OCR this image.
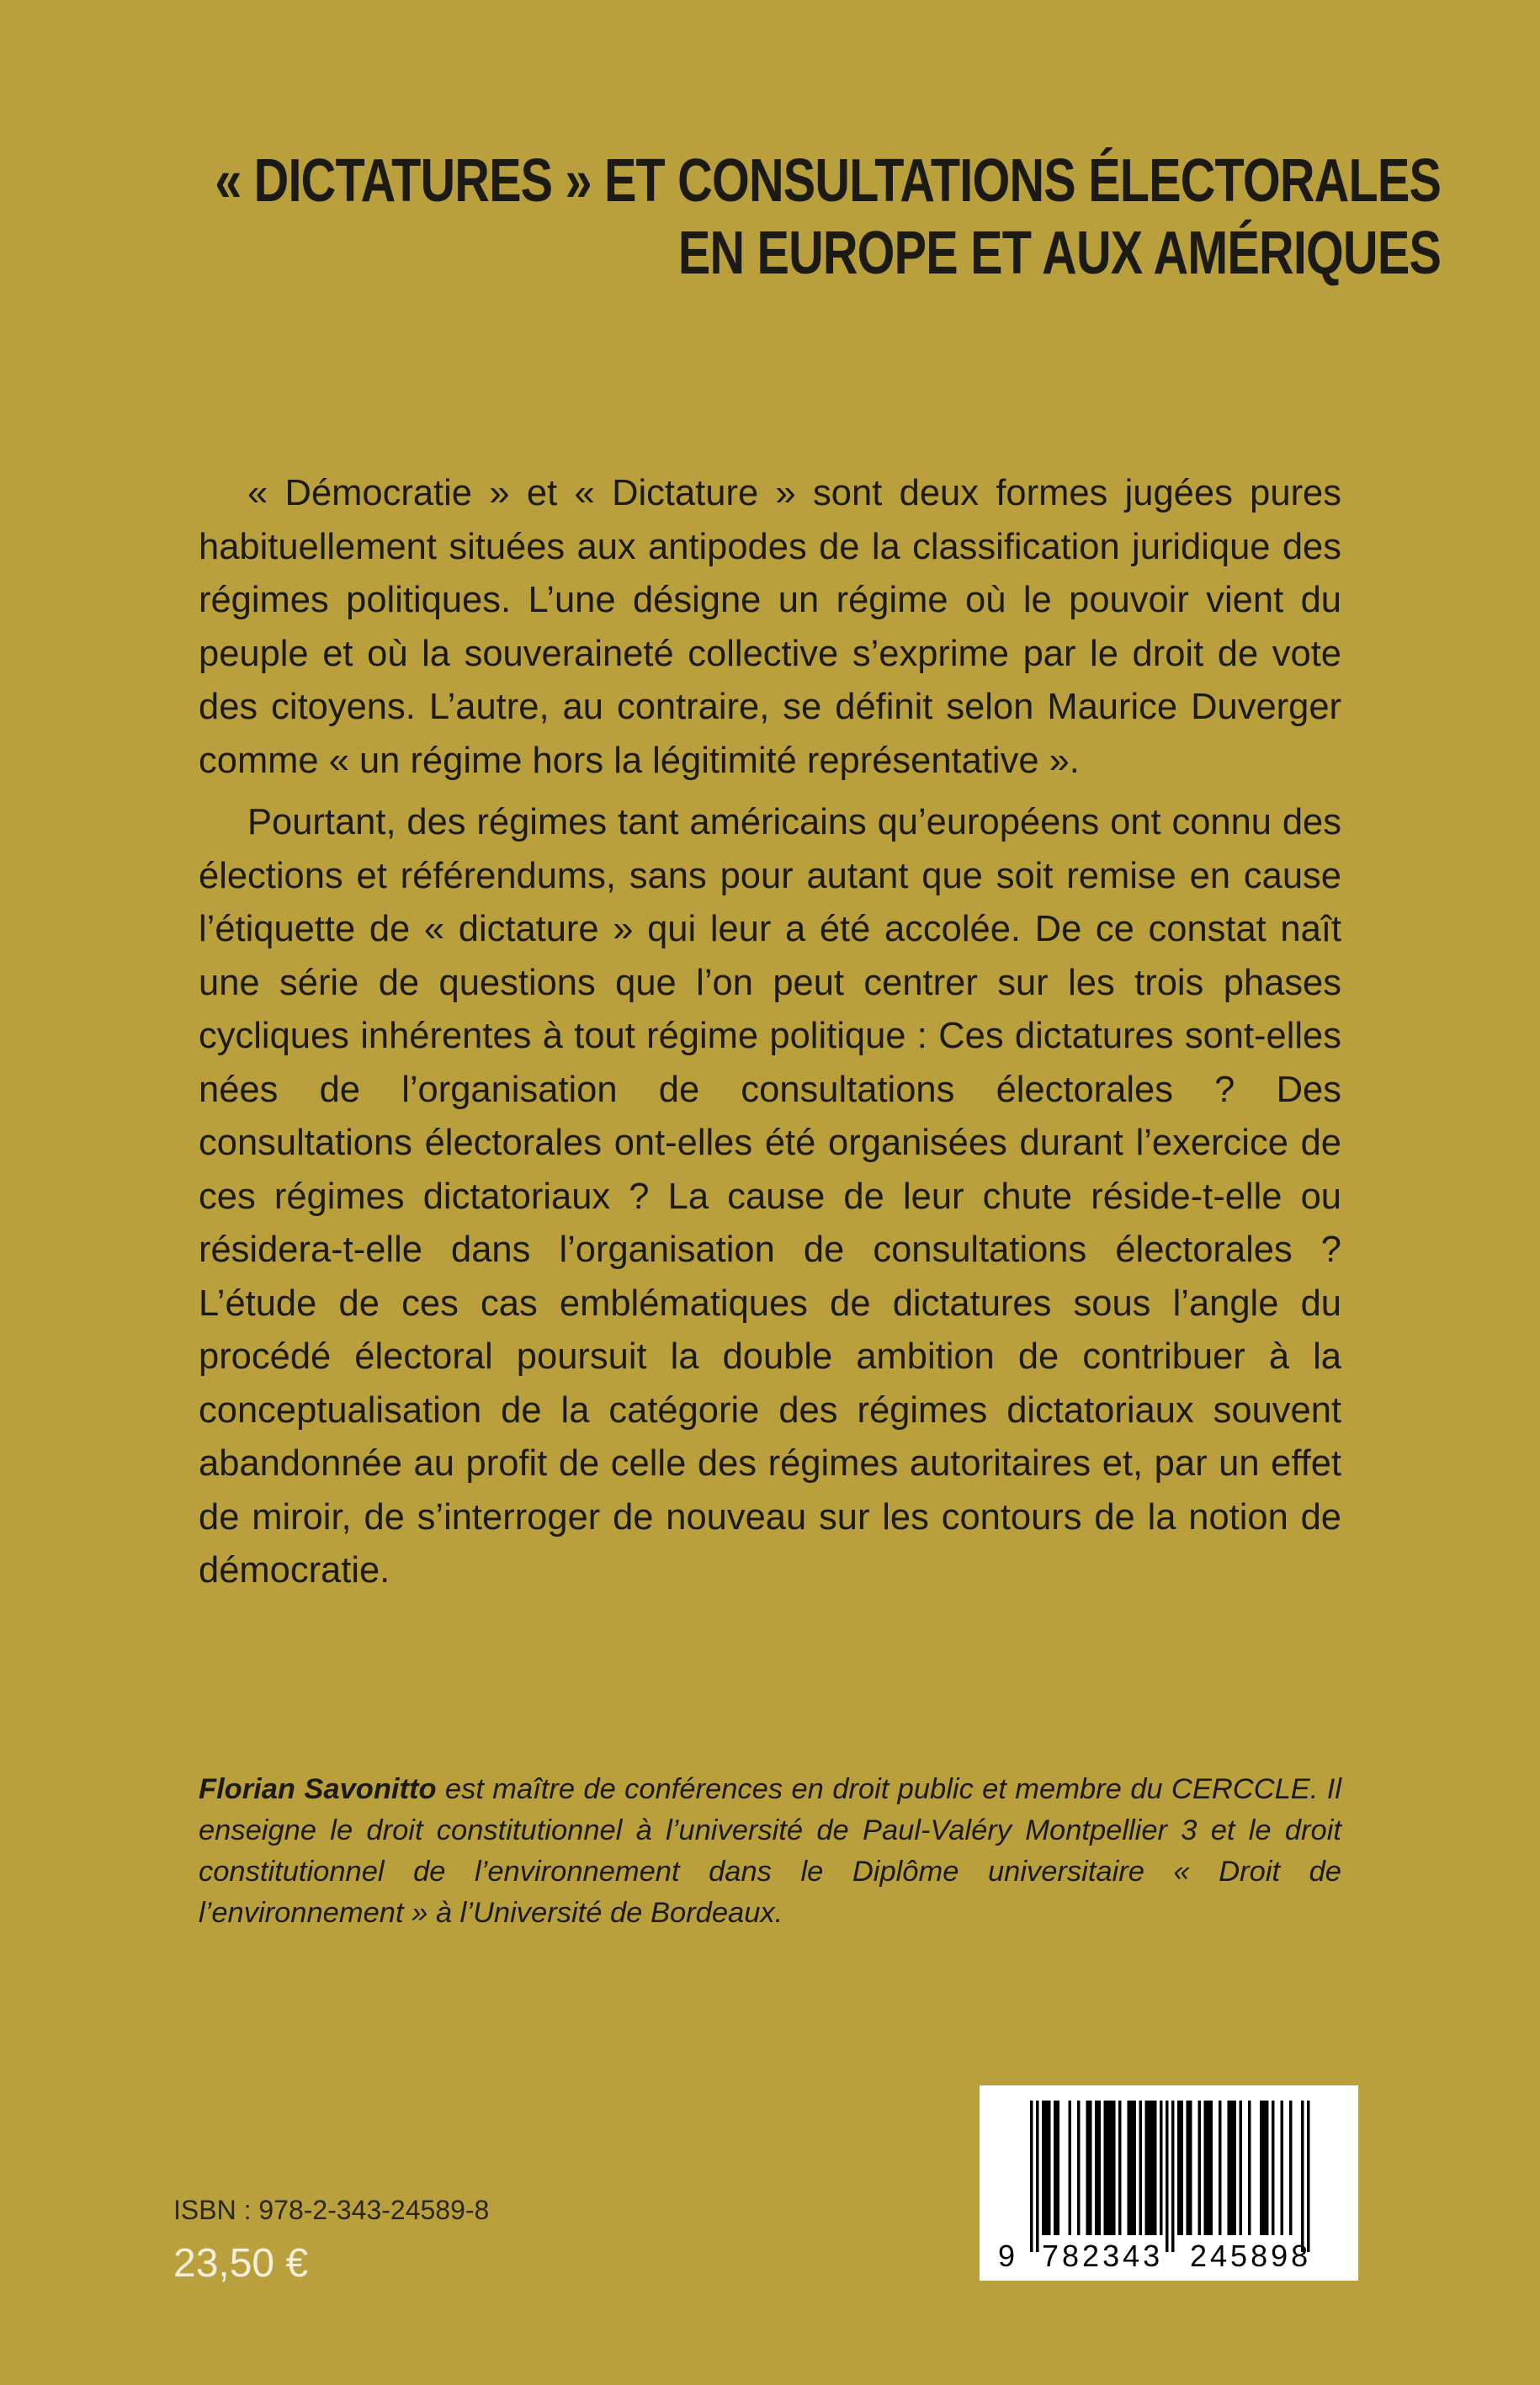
« DICTATURES » ET CONSULTATIONS ÉLECTORALES
EN EUROPE ET AUX AMÉRIQUES

« Démocratie » et « Dictature » sont deux formes jugées pures habituellement situées aux antipodes de la classification juridique des régimes politiques. L’une désigne un régime où le pouvoir vient du peuple et où la souveraineté collective s’exprime par le droit de vote des citoyens. L’autre, au contraire, se définit selon Maurice Duverger comme « un régime hors la légitimité représentative ».

Pourtant, des régimes tant américains qu’européens ont connu des élections et référendums, sans pour autant que soit remise en cause l’étiquette de « dictature » qui leur a été accolée. De ce constat naît une série de questions que l’on peut centrer sur les trois phases cycliques inhérentes à tout régime politique : Ces dictatures sont-elles nées de l’organisation de consultations électorales ? Des consultations électorales ont-elles été organisées durant l’exercice de ces régimes dictatoriaux ? La cause de leur chute réside-t-elle ou résidera-t-elle dans l’organisation de consultations électorales ? L’étude de ces cas emblématiques de dictatures sous l’angle du procédé électoral poursuit la double ambition de contribuer à la conceptualisation de la catégorie des régimes dictatoriaux souvent abandonnée au profit de celle des régimes autoritaires et, par un effet de miroir, de s’interroger de nouveau sur les contours de la notion de démocratie.

Florian Savonitto est maître de conférences en droit public et membre du CERCCLE. Il enseigne le droit constitutionnel à l’université de Paul-Valéry Montpellier 3 et le droit constitutionnel de l’environnement dans le Diplôme universitaire « Droit de l’environnement » à l’Université de Bordeaux.
ISBN : 978-2-343-24589-8
23,50 €	9 782343 245898
